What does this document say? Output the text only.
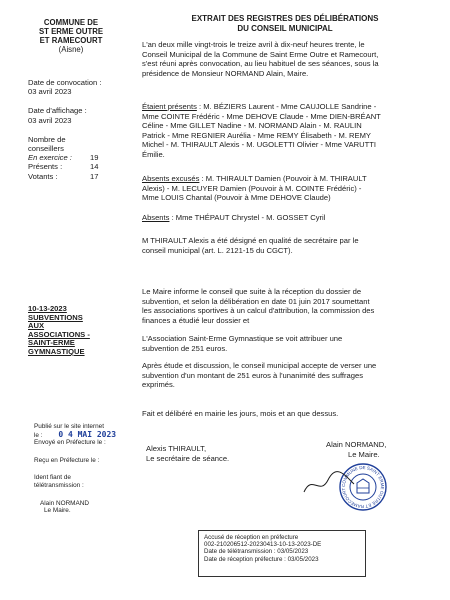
COMMUNE DE
ST ERME OUTRE
ET RAMECOURT
(Aisne)
Date de convocation :
03 avril 2023
Date d'affichage :
03 avril 2023
Nombre de
conseillers
En exercice : 19
Présents :	14
Votants :	17
10-13-2023
SUBVENTIONS
AUX
ASSOCIATIONS -
SAINT-ERME
GYMNASTIQUE
Publié sur le site internet
le : 0 4 MAI 2023
Envoyé en Préfecture le :
Reçu en Préfecture le :
Ident fiant de
télétransmission :
Alain NORMAND
Le Maire.
EXTRAIT DES REGISTRES DES DÉLIBÉRATIONS
DU CONSEIL MUNICIPAL
L'an deux mille vingt-trois le treize avril à dix-neuf heures trente, le
Conseil Municipal de la Commune de Saint Erme Outre et Ramecourt,
s'est réuni après convocation, au lieu habituel de ses séances, sous la
présidence de Monsieur NORMAND Alain, Maire.
Étaient présents : M. BÉZIERS Laurent - Mme CAUJOLLE Sandrine -
Mme COINTE Frédéric - Mme DEHOVE Claude - Mme DIEN-BRÉANT
Céline - Mme GILLET Nadine - M. NORMAND Alain - M. RAULIN
Patrick - Mme REGNIER Aurélia - Mme REMY Élisabeth - M. REMY
Michel - M. THIRAULT Alexis - M. UGOLETTI Olivier - Mme VARUTTI
Émilie.
Absents excusés : M. THIRAULT Damien (Pouvoir à M. THIRAULT
Alexis) - M. LECUYER Damien (Pouvoir à M. COINTE Frédéric) -
Mme LOUIS Chantal (Pouvoir à Mme DEHOVE Claude)
Absents : Mme THÉPAUT Chrystel - M. GOSSET Cyril
M THIRAULT Alexis a été désigné en qualité de secrétaire par le
conseil municipal (art. L. 2121-15 du CGCT).
Le Maire informe le conseil que suite à la réception du dossier de
subvention, et selon la délibération en date 01 juin 2017 soumettant
les associations sportives à un calcul d'attribution, la commission des
finances a étudié leur dossier et
L'Association Saint-Erme Gymnastique se voit attribuer une
subvention de 251 euros.
Après étude et discussion, le conseil municipal accepte de verser une
subvention d'un montant de 251 euros à l'unanimité des suffrages
exprimés.
Fait et délibéré en mairie les jours, mois et an que dessus.
Alexis THIRAULT,
Le secrétaire de séance.
Alain NORMAND,
Le Maire.
COMMUNE DE SAINT ERME OUTRE ET RAMECOURT
Accusé de réception en préfecture
002-210206512-20230413-10-13-2023-DE
Date de télétransmission : 03/05/2023
Date de réception préfecture : 03/05/2023
